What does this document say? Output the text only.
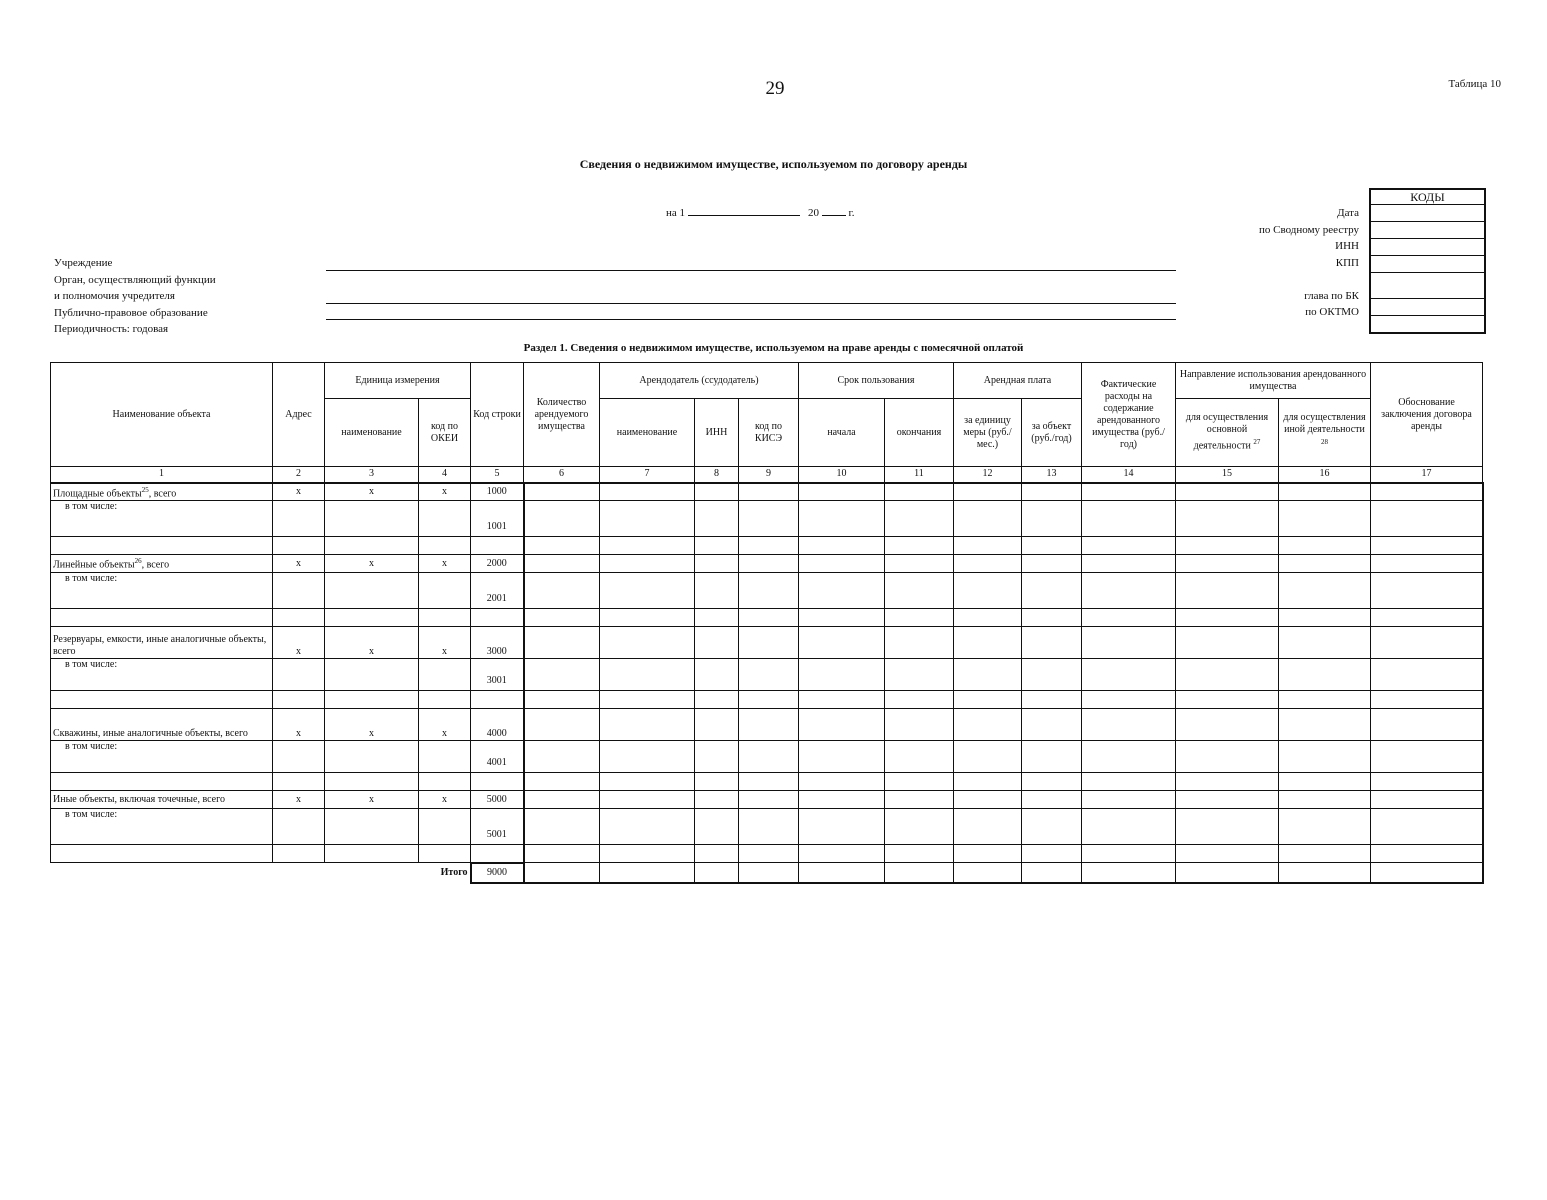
29	Таблица 10
Сведения о недвижимом имуществе, используемом по договору аренды
на 1	20	г.
Учреждение
Орган, осуществляющий функции
и полномочия учредителя
Публично-правовое образование
Периодичность: годовая
Дата
по Сводному реестру
ИНН
КПП
глава по БК
по ОКТМО
КОДЫ
Раздел 1. Сведения о недвижимом имуществе, используемом на праве аренды с помесячной оплатой
Наименование объекта	Адрес	Единица измерения		Код строки	Количество арендуемого имущества	Арендодатель (ссудодатель)			Срок пользования		Арендная плата		Фактические расходы на содержание арендованного имущества (руб./год)	Направление использования арендованного имущества		Обоснование заключения договора аренды
		наименование	код по ОКЕИ			наименование	ИНН	код по КИСЭ	начала	окончания	за единицу меры (руб./мес.)	за объект (руб./год)		для осуществления основной деятельности $^{27}$	для осуществления иной деятельности $^{28}$
1	2	3	4	5	6	7	8	9	10	11	12	13	14	15	16	17
Площадные объекты$^{25}$, всего	x	x	x	1000												
в том числе:				1001												

Линейные объекты$^{26}$, всего	x	x	x	2000												
в том числе:				2001												

Резервуары, емкости, иные аналогичные объекты, всего	x	x	x	3000												
в том числе:				3001												

Скважины, иные аналогичные объекты, всего	x	x	x	4000												
в том числе:				4001												

Иные объекты, включая точечные, всего	x	x	x	5000												
в том числе:				5001												

			Итого	9000												
